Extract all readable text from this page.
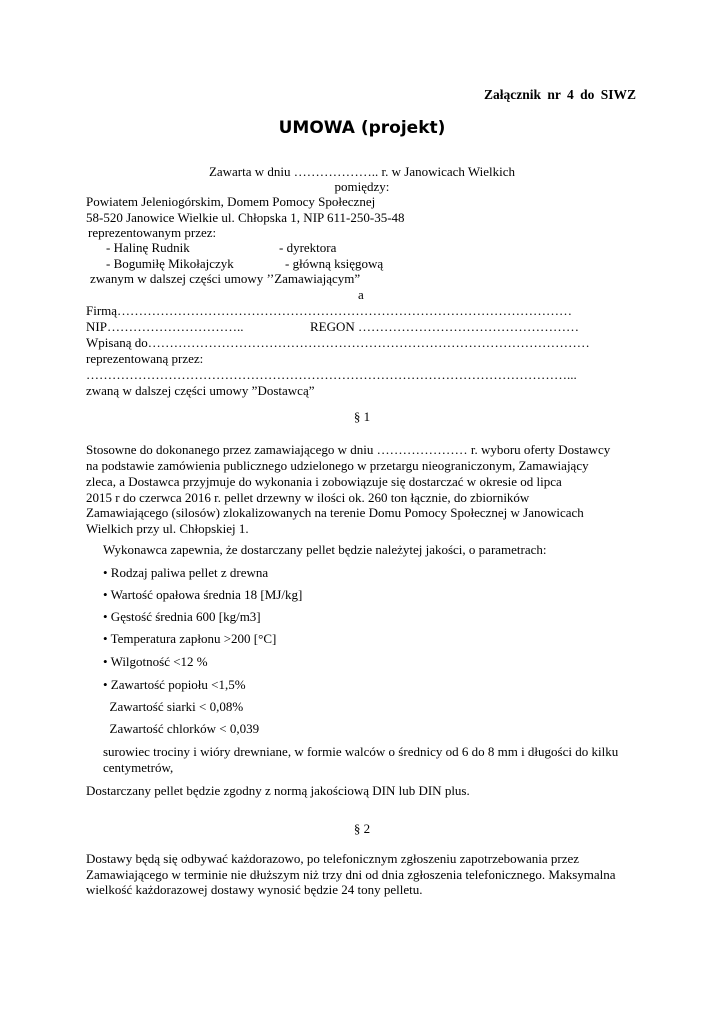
Załącznik nr 4 do SIWZ
UMOWA (projekt)
Zawarta w dniu ……………….. r. w Janowicach Wielkich
pomiędzy:
Powiatem Jeleniogórskim, Domem Pomocy Społecznej
58-520 Janowice Wielkie ul. Chłopska 1, NIP 611-250-35-48
reprezentowanym przez:
- Halinę Rudnik	- dyrektora
- Bogumiłę Mikołajczyk	- główną księgową
zwanym w dalszej części umowy ’’Zamawiającym”
a
Firmą……………………………………………………………………………………………
NIP…………………………..	REGON ……………………………………………
Wpisaną do…………………………………………………………………………………………
reprezentowaną przez:
…………………………………………………………………………………………………...
zwaną w dalszej części umowy ”Dostawcą”
§ 1
Stosowne do dokonanego przez zamawiającego w dniu ………………… r. wyboru oferty Dostawcy
na podstawie zamówienia publicznego udzielonego w przetargu nieograniczonym, Zamawiający
zleca, a Dostawca przyjmuje do wykonania i zobowiązuje się dostarczać w okresie od lipca
2015 r do czerwca 2016 r. pellet drzewny w ilości ok. 260 ton łącznie, do zbiorników
Zamawiającego (silosów) zlokalizowanych na terenie Domu Pomocy Społecznej w Janowicach
Wielkich przy ul. Chłopskiej 1.
Wykonawca zapewnia, że dostarczany pellet będzie należytej jakości, o parametrach:
• Rodzaj paliwa pellet z drewna
• Wartość opałowa średnia 18 [MJ/kg]
• Gęstość średnia 600 [kg/m3]
• Temperatura zapłonu >200 [°C]
• Wilgotność <12 %
• Zawartość popiołu <1,5%
Zawartość siarki < 0,08%
Zawartość chlorków < 0,039
surowiec trociny i wióry drewniane, w formie walców o średnicy od 6 do 8 mm i długości do kilku
centymetrów,
Dostarczany pellet będzie zgodny z normą jakościową DIN lub DIN plus.
§ 2
Dostawy będą się odbywać każdorazowo, po telefonicznym zgłoszeniu zapotrzebowania przez
Zamawiającego w terminie nie dłuższym niż trzy dni od dnia zgłoszenia telefonicznego. Maksymalna
wielkość każdorazowej dostawy wynosić będzie 24 tony pelletu.
